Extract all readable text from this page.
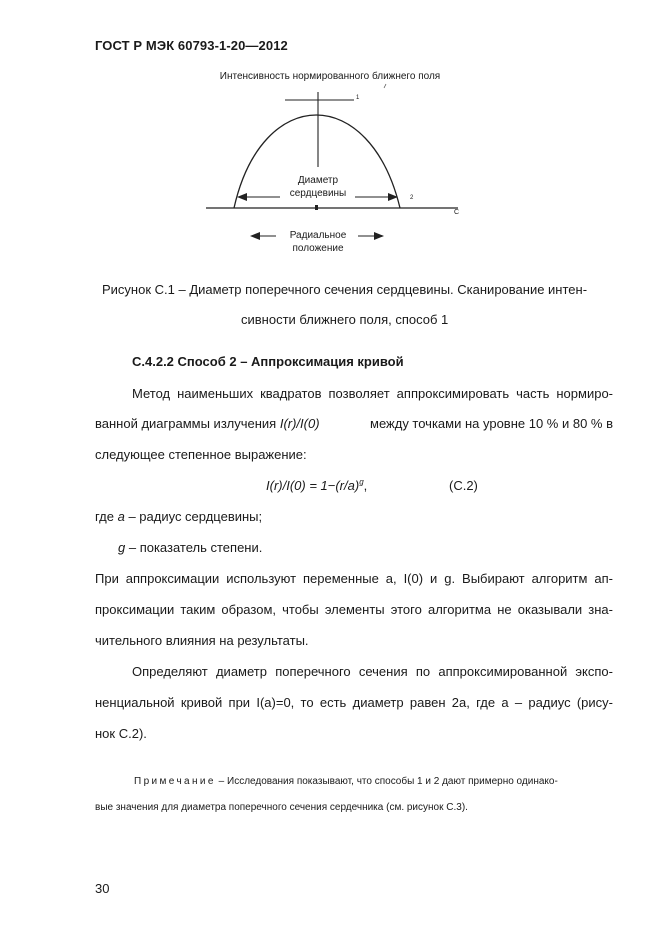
ГОСТ Р МЭК 60793-1-20—2012
Интенсивность нормированного ближнего поля
Диаметр
сердцевины
Радиальное
положение
1
2
С
Рисунок С.1 – Диаметр поперечного сечения сердцевины. Сканирование интен-
сивности ближнего поля, способ 1
С.4.2.2 Способ 2 – Аппроксимация кривой
Метод наименьших квадратов позволяет аппроксимировать часть нормиро-
ванной диаграммы излучения I(r)/I(0)	между точками на уровне 10 % и 80 % в
следующее степенное выражение:
$I(r)/I(0) = 1-(r/a)^g$,	(С.2)
где a – радиус сердцевины;
g – показатель степени.
При аппроксимации используют переменные a, I(0) и g. Выбирают алгоритм ап-
проксимации таким образом, чтобы элементы этого алгоритма не оказывали зна-
чительного влияния на результаты.
Определяют диаметр поперечного сечения по аппроксимированной экспо-
ненциальной кривой при I(a)=0, то есть диаметр равен 2a, где a – радиус (рису-
нок С.2).
Примечание – Исследования показывают, что способы 1 и 2 дают примерно одинако-
вые значения для диаметра поперечного сечения сердечника (см. рисунок С.3).
30
